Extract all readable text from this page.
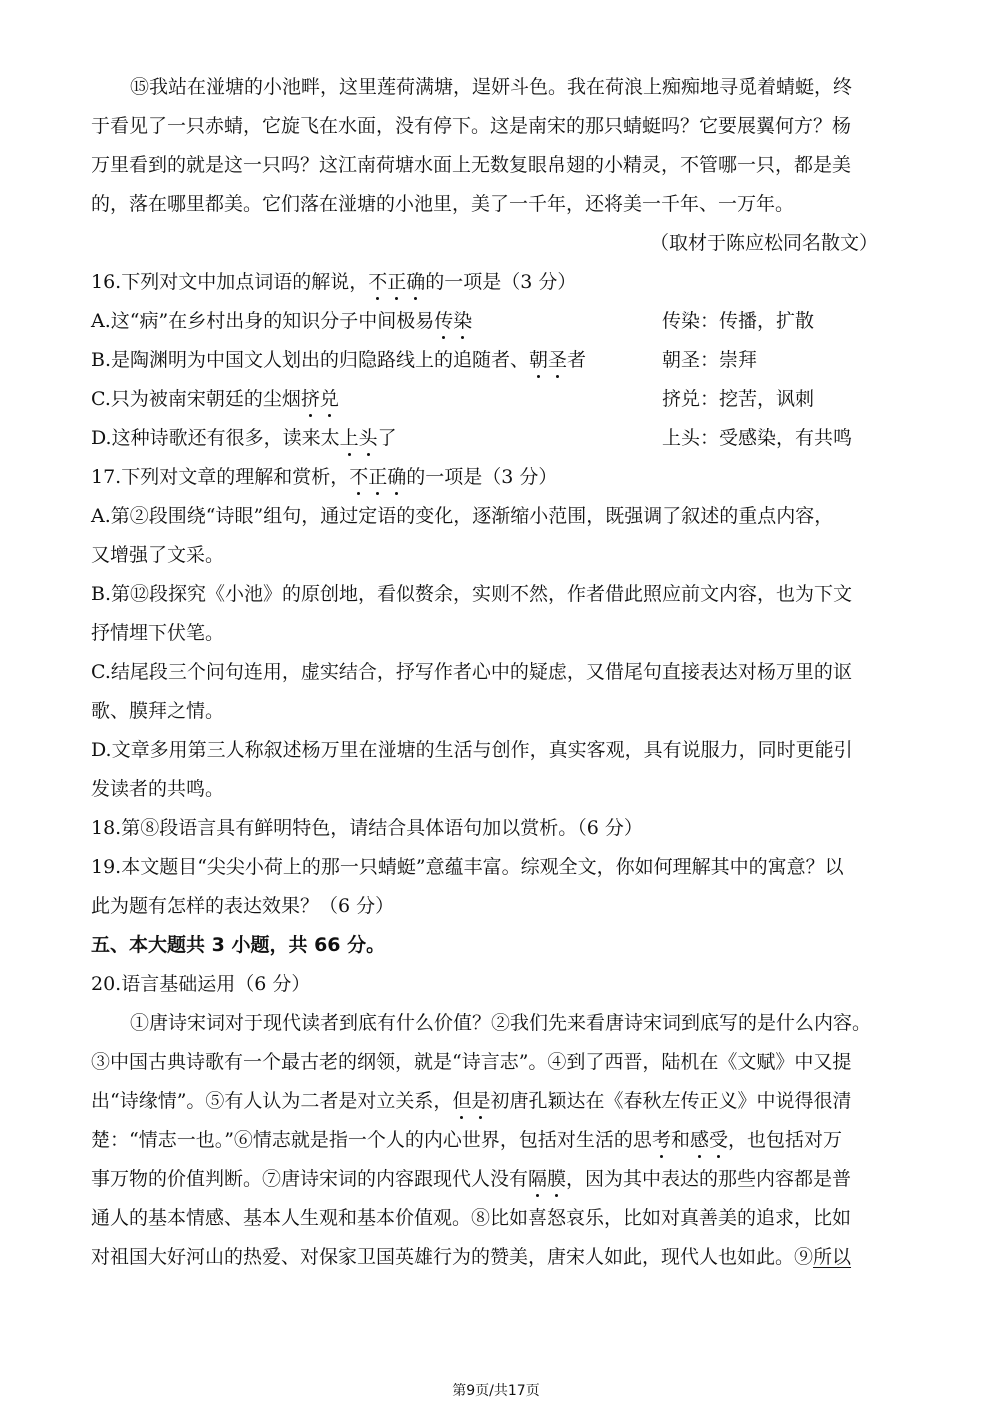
⑮我站在湴塘的小池畔，这里莲荷满塘，逞妍斗色。我在荷浪上痴痴地寻觅着蜻蜓，终
于看见了一只赤蜻，它旋飞在水面，没有停下。这是南宋的那只蜻蜓吗？它要展翼何方？杨
万里看到的就是这一只吗？这江南荷塘水面上无数复眼帛翅的小精灵，不管哪一只，都是美
的，落在哪里都美。它们落在湴塘的小池里，美了一千年，还将美一千年、一万年。
（取材于陈应松同名散文）
16.下列对文中加点词语的解说，不正确的一项是（3 分）
A.这“病”在乡村出身的知识分子中间极易传染	传染：传播，扩散
B.是陶渊明为中国文人划出的归隐路线上的追随者、朝圣者	朝圣：崇拜
C.只为被南宋朝廷的尘烟挤兑	挤兑：挖苦，讽刺
D.这种诗歌还有很多，读来太上头了	上头：受感染，有共鸣
17.下列对文章的理解和赏析，不正确的一项是（3 分）
A.第②段围绕“诗眼”组句，通过定语的变化，逐渐缩小范围，既强调了叙述的重点内容，
又增强了文采。
B.第⑫段探究《小池》的原创地，看似赘余，实则不然，作者借此照应前文内容，也为下文
抒情埋下伏笔。
C.结尾段三个问句连用，虚实结合，抒写作者心中的疑虑，又借尾句直接表达对杨万里的讴
歌、膜拜之情。
D.文章多用第三人称叙述杨万里在湴塘的生活与创作，真实客观，具有说服力，同时更能引
发读者的共鸣。
18.第⑧段语言具有鲜明特色，请结合具体语句加以赏析。（6 分）
19.本文题目“尖尖小荷上的那一只蜻蜓”意蕴丰富。综观全文，你如何理解其中的寓意？以
此为题有怎样的表达效果？（6 分）
五、本大题共 3 小题，共 66 分。
20.语言基础运用（6 分）
①唐诗宋词对于现代读者到底有什么价值？②我们先来看唐诗宋词到底写的是什么内容。
③中国古典诗歌有一个最古老的纲领，就是“诗言志”。④到了西晋，陆机在《文赋》中又提
出“诗缘情”。⑤有人认为二者是对立关系，但是初唐孔颖达在《春秋左传正义》中说得很清
楚：“情志一也。”⑥情志就是指一个人的内心世界，包括对生活的思考和感受，也包括对万
事万物的价值判断。⑦唐诗宋词的内容跟现代人没有隔膜，因为其中表达的那些内容都是普
通人的基本情感、基本人生观和基本价值观。⑧比如喜怒哀乐，比如对真善美的追求，比如
对祖国大好河山的热爱、对保家卫国英雄行为的赞美，唐宋人如此，现代人也如此。⑨所以
第9页/共17页
